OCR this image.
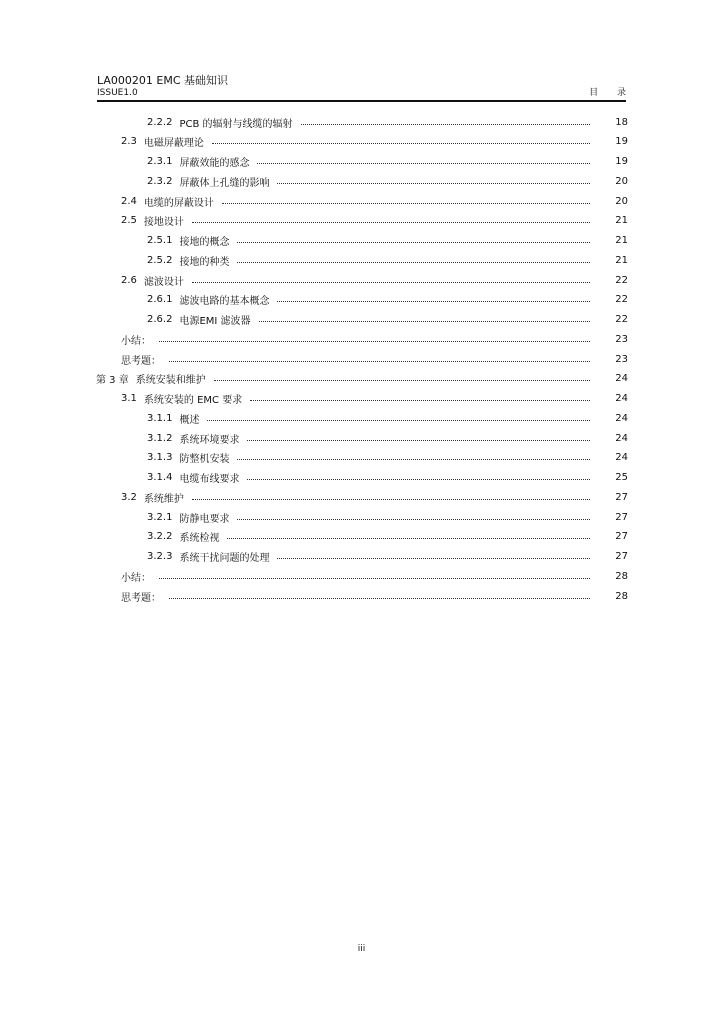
LA000201 EMC 基础知识
ISSUE1.0	目 录
2.2.2 PCB 的辐射与线缆的辐射	18
2.3 电磁屏蔽理论	19
2.3.1 屏蔽效能的感念	19
2.3.2 屏蔽体上孔缝的影响	20
2.4 电缆的屏蔽设计	20
2.5 接地设计	21
2.5.1 接地的概念	21
2.5.2 接地的种类	21
2.6 滤波设计	22
2.6.1 滤波电路的基本概念	22
2.6.2 电源EMI 滤波器	22
小结：	23
思考题：	23
第 3 章 系统安装和维护	24
3.1 系统安装的 EMC 要求	24
3.1.1 概述	24
3.1.2 系统环境要求	24
3.1.3 防整机安装	24
3.1.4 电缆布线要求	25
3.2 系统维护	27
3.2.1 防静电要求	27
3.2.2 系统检视	27
3.2.3 系统干扰问题的处理	27
小结：	28
思考题：	28
iii
